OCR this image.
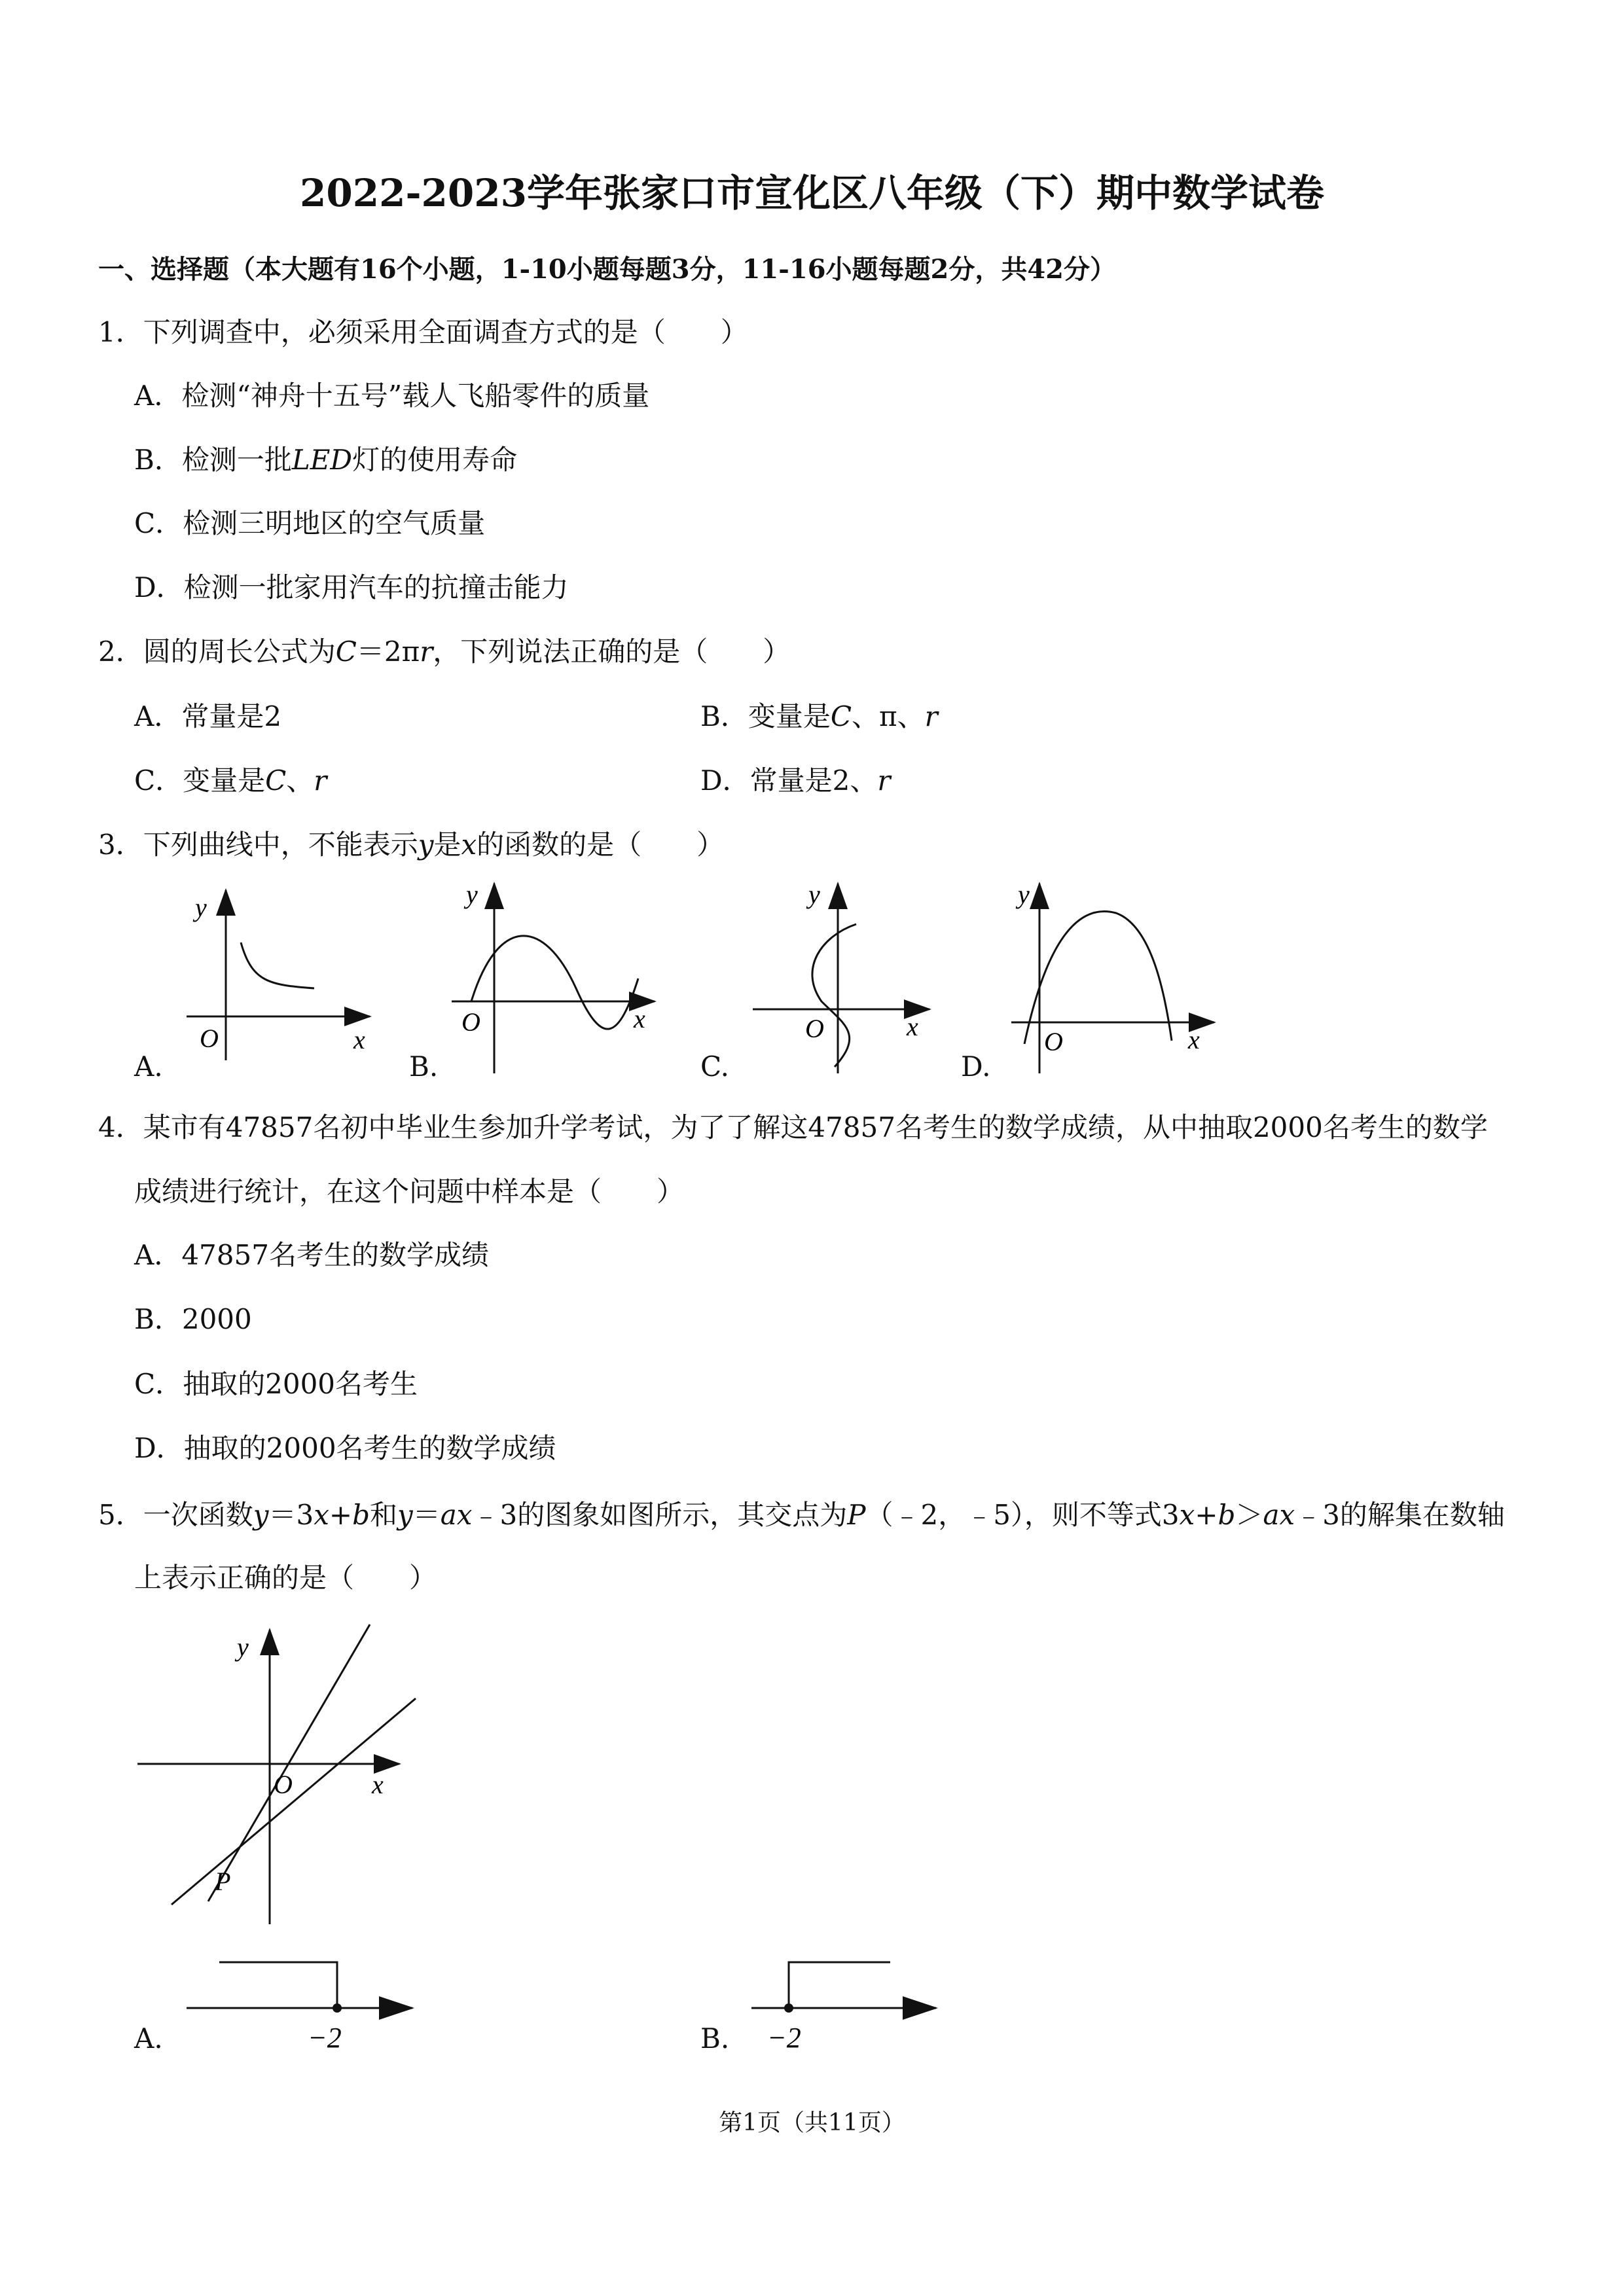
2022-2023学年张家口市宣化区八年级（下）期中数学试卷
一、选择题（本大题有16个小题，1-10小题每题3分，11-16小题每题2分，共42分）
1．下列调查中，必须采用全面调查方式的是（　　）
A．检测“神舟十五号”载人飞船零件的质量
B．检测一批LED灯的使用寿命
C．检测三明地区的空气质量
D．检测一批家用汽车的抗撞击能力
2．圆的周长公式为C＝2πr，下列说法正确的是（　　）
A．常量是2	B．变量是C、π、r
C．变量是C、r	D．常量是2、r
3．下列曲线中，不能表示y是x的函数的是（　　）
y
O	x
y
O	x
y
O	x
y
O	x
A.	B.	C.	D.
4．某市有47857名初中毕业生参加升学考试，为了了解这47857名考生的数学成绩，从中抽取2000名考生的数学
成绩进行统计，在这个问题中样本是（　　）
A．47857名考生的数学成绩
B．2000
C．抽取的2000名考生
D．抽取的2000名考生的数学成绩
5．一次函数y＝3x+b和y＝ax﹣3的图象如图所示，其交点为P（﹣2，﹣5），则不等式3x+b＞ax﹣3的解集在数轴
上表示正确的是（　　）
y
O	x
P
−2	−2
A.	B.
第1页（共11页）
